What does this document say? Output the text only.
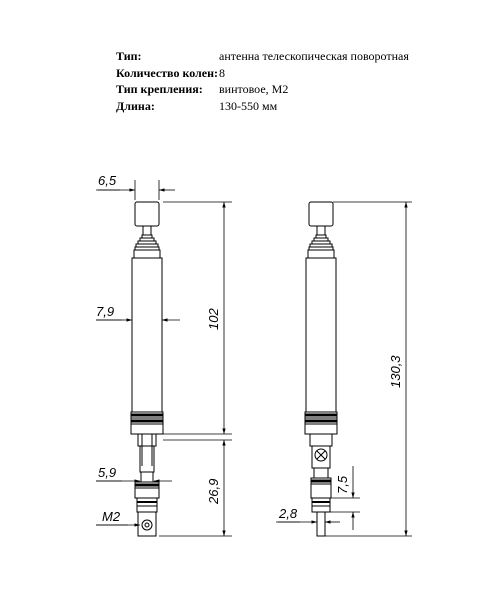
Тип:	антенна телескопическая поворотная
Количество колен: 8
Тип крепления:	винтовое, М2
Длина:	130-550 мм
6,5
7,9
5,9
M2
102
26,9
130,3
7,5
2,8
